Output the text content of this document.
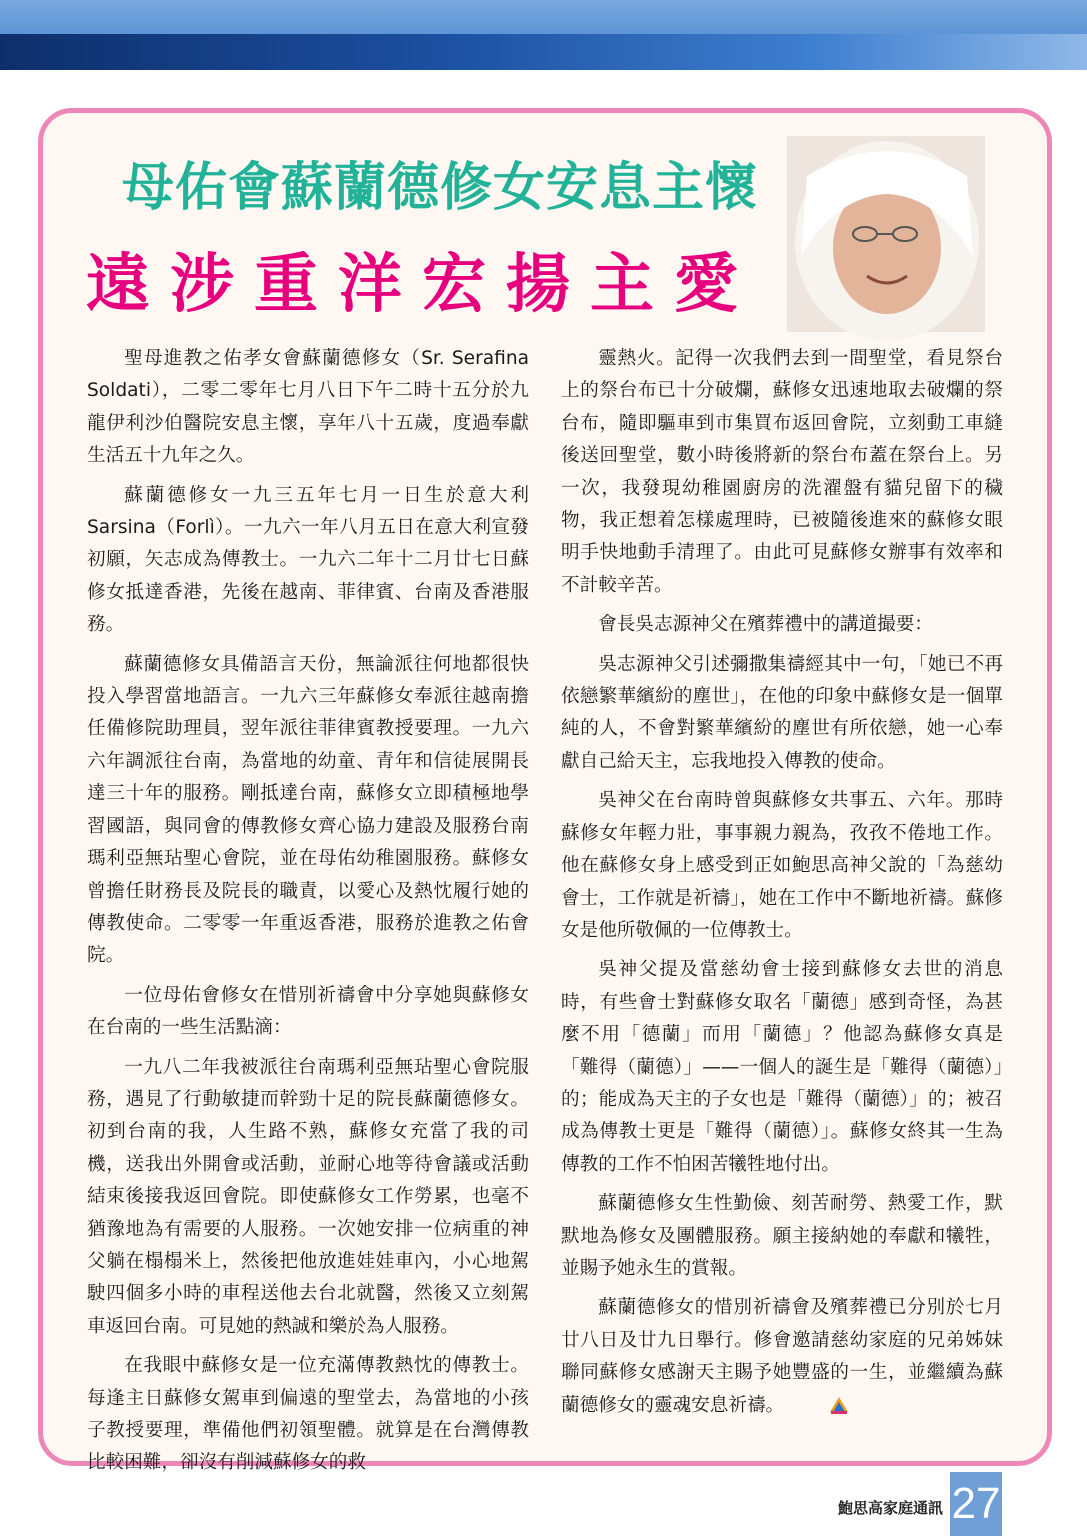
母佑會蘇蘭德修女安息主懷
遠涉重洋宏揚主愛

聖母進教之佑孝女會蘇蘭德修女（Sr. Serafina Soldati），二零二零年七月八日下午二時十五分於九龍伊利沙伯醫院安息主懷，享年八十五歲，度過奉獻生活五十九年之久。

蘇蘭德修女一九三五年七月一日生於意大利Sarsina（Forlì）。一九六一年八月五日在意大利宣發初願，矢志成為傳教士。一九六二年十二月廿七日蘇修女抵達香港，先後在越南、菲律賓、台南及香港服務。

蘇蘭德修女具備語言天份，無論派往何地都很快投入學習當地語言。一九六三年蘇修女奉派往越南擔任備修院助理員，翌年派往菲律賓教授要理。一九六六年調派往台南，為當地的幼童、青年和信徒展開長達三十年的服務。剛抵達台南，蘇修女立即積極地學習國語，與同會的傳教修女齊心協力建設及服務台南瑪利亞無玷聖心會院，並在母佑幼稚園服務。蘇修女曾擔任財務長及院長的職責，以愛心及熱忱履行她的傳教使命。二零零一年重返香港，服務於進教之佑會院。

一位母佑會修女在惜別祈禱會中分享她與蘇修女在台南的一些生活點滴：

一九八二年我被派往台南瑪利亞無玷聖心會院服務，遇見了行動敏捷而幹勁十足的院長蘇蘭德修女。初到台南的我，人生路不熟，蘇修女充當了我的司機，送我出外開會或活動，並耐心地等待會議或活動結束後接我返回會院。即使蘇修女工作勞累，也毫不猶豫地為有需要的人服務。一次她安排一位病重的神父躺在榻榻米上，然後把他放進娃娃車內，小心地駕駛四個多小時的車程送他去台北就醫，然後又立刻駕車返回台南。可見她的熱誠和樂於為人服務。

在我眼中蘇修女是一位充滿傳教熱忱的傳教士。每逢主日蘇修女駕車到偏遠的聖堂去，為當地的小孩子教授要理，準備他們初領聖體。就算是在台灣傳教比較困難，卻沒有削減蘇修女的救

靈熱火。記得一次我們去到一間聖堂，看見祭台上的祭台布已十分破爛，蘇修女迅速地取去破爛的祭台布，隨即驅車到市集買布返回會院，立刻動工車縫後送回聖堂，數小時後將新的祭台布蓋在祭台上。另一次，我發現幼稚園廚房的洗濯盤有貓兒留下的穢物，我正想着怎樣處理時，已被隨後進來的蘇修女眼明手快地動手清理了。由此可見蘇修女辦事有效率和不計較辛苦。

會長吳志源神父在殯葬禮中的講道撮要：

吳志源神父引述彌撒集禱經其中一句，「她已不再依戀繁華繽紛的塵世」，在他的印象中蘇修女是一個單純的人，不會對繁華繽紛的塵世有所依戀，她一心奉獻自己給天主，忘我地投入傳教的使命。

吳神父在台南時曾與蘇修女共事五、六年。那時蘇修女年輕力壯，事事親力親為，孜孜不倦地工作。他在蘇修女身上感受到正如鮑思高神父說的「為慈幼會士，工作就是祈禱」，她在工作中不斷地祈禱。蘇修女是他所敬佩的一位傳教士。

吳神父提及當慈幼會士接到蘇修女去世的消息時，有些會士對蘇修女取名「蘭德」感到奇怪，為甚麼不用「德蘭」而用「蘭德」？他認為蘇修女真是「難得（蘭德）」——一個人的誕生是「難得（蘭德）」的；能成為天主的子女也是「難得（蘭德）」的；被召成為傳教士更是「難得（蘭德）」。蘇修女終其一生為傳教的工作不怕困苦犧牲地付出。

蘇蘭德修女生性勤儉、刻苦耐勞、熱愛工作，默默地為修女及團體服務。願主接納她的奉獻和犧牲，並賜予她永生的賞報。

蘇蘭德修女的惜別祈禱會及殯葬禮已分別於七月廿八日及廿九日舉行。修會邀請慈幼家庭的兄弟姊妹聯同蘇修女感謝天主賜予她豐盛的一生，並繼續為蘇蘭德修女的靈魂安息祈禱。

鮑思高家庭通訊 27
